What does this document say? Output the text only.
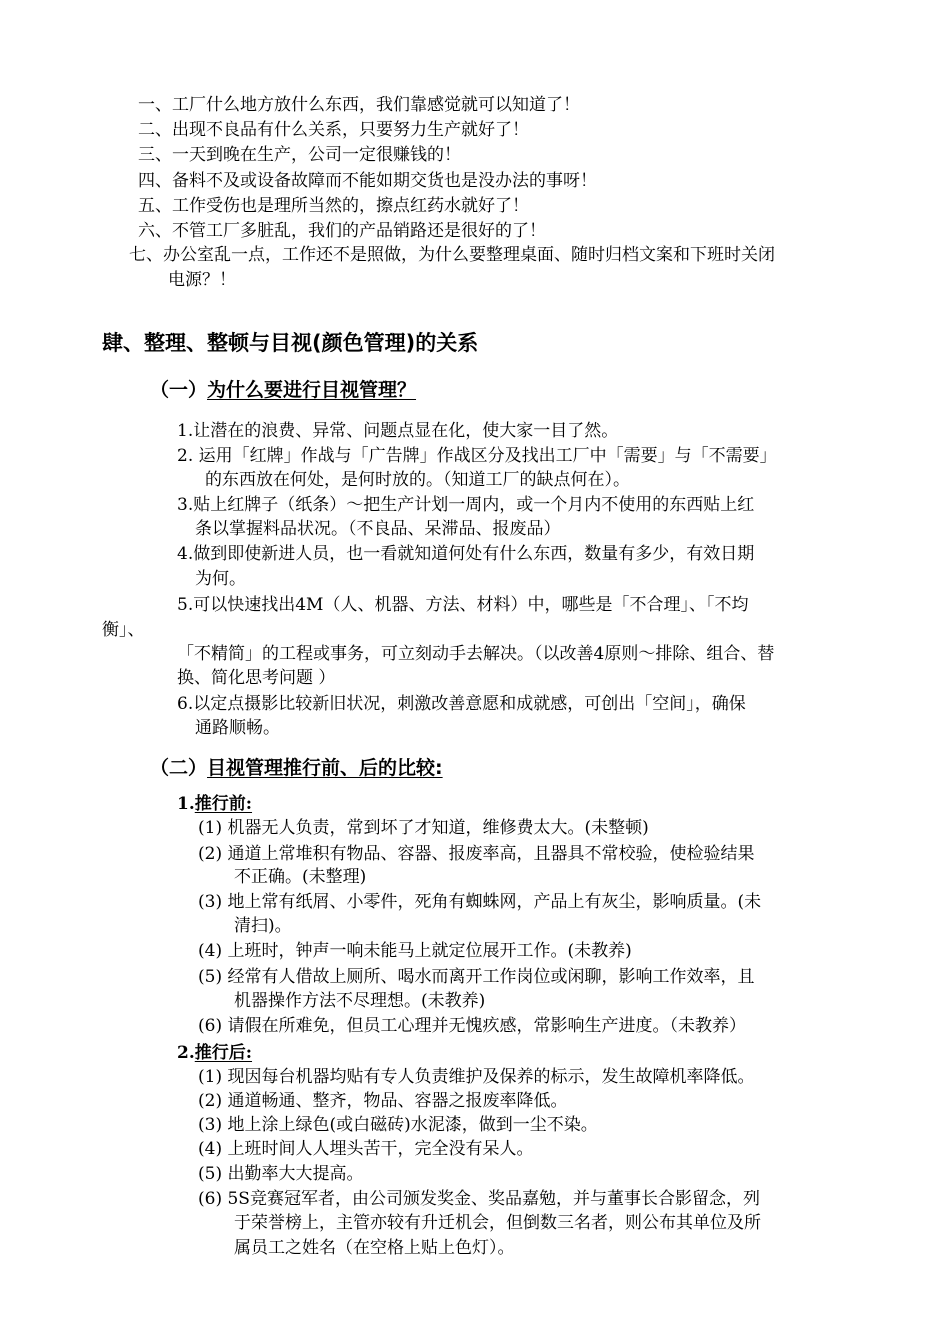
一、工厂什么地方放什么东西，我们靠感觉就可以知道了！
二、出现不良品有什么关系，只要努力生产就好了！
三、一天到晚在生产，公司一定很赚钱的！
四、备料不及或设备故障而不能如期交货也是没办法的事呀！
五、工作受伤也是理所当然的，擦点红药水就好了！
六、不管工厂多脏乱，我们的产品销路还是很好的了！
七、办公室乱一点，工作还不是照做，为什么要整理桌面、随时归档文案和下班时关闭
电源？！
肆、整理、整顿与目视(颜色管理)的关系
（一）为什么要进行目视管理？
1.让潜在的浪费、异常、问题点显在化，使大家一目了然。
2. 运用「红牌」作战与「广告牌」作战区分及找出工厂中「需要」与「不需要」
的东西放在何处，是何时放的。（知道工厂的缺点何在）。
3.贴上红牌子（纸条）～把生产计划一周内，或一个月内不使用的东西贴上红
条以掌握料品状况。（不良品、呆滞品、报废品）
4.做到即使新进人员，也一看就知道何处有什么东西，数量有多少，有效日期
为何。
5.可以快速找出4M（人、机器、方法、材料）中，哪些是「不合理」、「不均
衡」、
「不精简」的工程或事务，可立刻动手去解决。（以改善4原则～排除、组合、替
换、简化思考问题 ）
6.以定点摄影比较新旧状况，刺激改善意愿和成就感，可创出「空间」，确保
通路顺畅。
（二）目视管理推行前、后的比较:
1.推行前:
(1) 机器无人负责，常到坏了才知道，维修费太大。(未整顿)
(2) 通道上常堆积有物品、容器、报废率高，且器具不常校验，使检验结果
不正确。(未整理)
(3) 地上常有纸屑、小零件，死角有蜘蛛网，产品上有灰尘，影响质量。(未
清扫)。
(4) 上班时，钟声一响未能马上就定位展开工作。(未教养)
(5) 经常有人借故上厕所、喝水而离开工作岗位或闲聊，影响工作效率，且
机器操作方法不尽理想。(未教养)
(6) 请假在所难免，但员工心理并无愧疚感，常影响生产进度。（未教养）
2.推行后:
(1) 现因每台机器均贴有专人负责维护及保养的标示，发生故障机率降低。
(2) 通道畅通、整齐，物品、容器之报废率降低。
(3) 地上涂上绿色(或白磁砖)水泥漆，做到一尘不染。
(4) 上班时间人人埋头苦干，完全没有呆人。
(5) 出勤率大大提高。
(6) 5S竞赛冠军者，由公司颁发奖金、奖品嘉勉，并与董事长合影留念，列
于荣誉榜上，主管亦较有升迁机会，但倒数三名者，则公布其单位及所
属员工之姓名（在空格上贴上色灯）。
